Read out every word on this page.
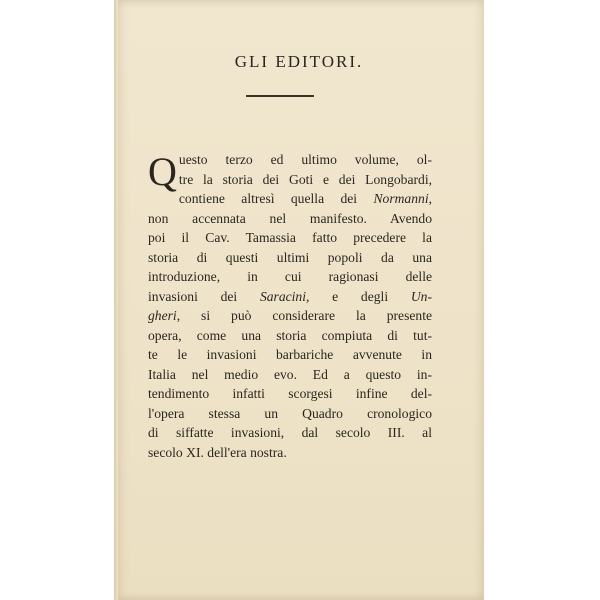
GLI EDITORI.
Q uesto terzo ed ultimo volume, ol-
tre la storia dei Goti e dei Longobardi,
contiene altresì quella dei Normanni,
non accennata nel manifesto. Avendo
poi il Cav. Tamassia fatto precedere la
storia di questi ultimi popoli da una
introduzione, in cui ragionasi delle
invasioni dei Saracini, e degli Un-
gheri, si può considerare la presente
opera, come una storia compiuta di tut-
te le invasioni barbariche avvenute in
Italia nel medio evo. Ed a questo in-
tendimento infatti scorgesi infine del-
l'opera stessa un Quadro cronologico
di siffatte invasioni, dal secolo III. al
secolo XI. dell'era nostra.
